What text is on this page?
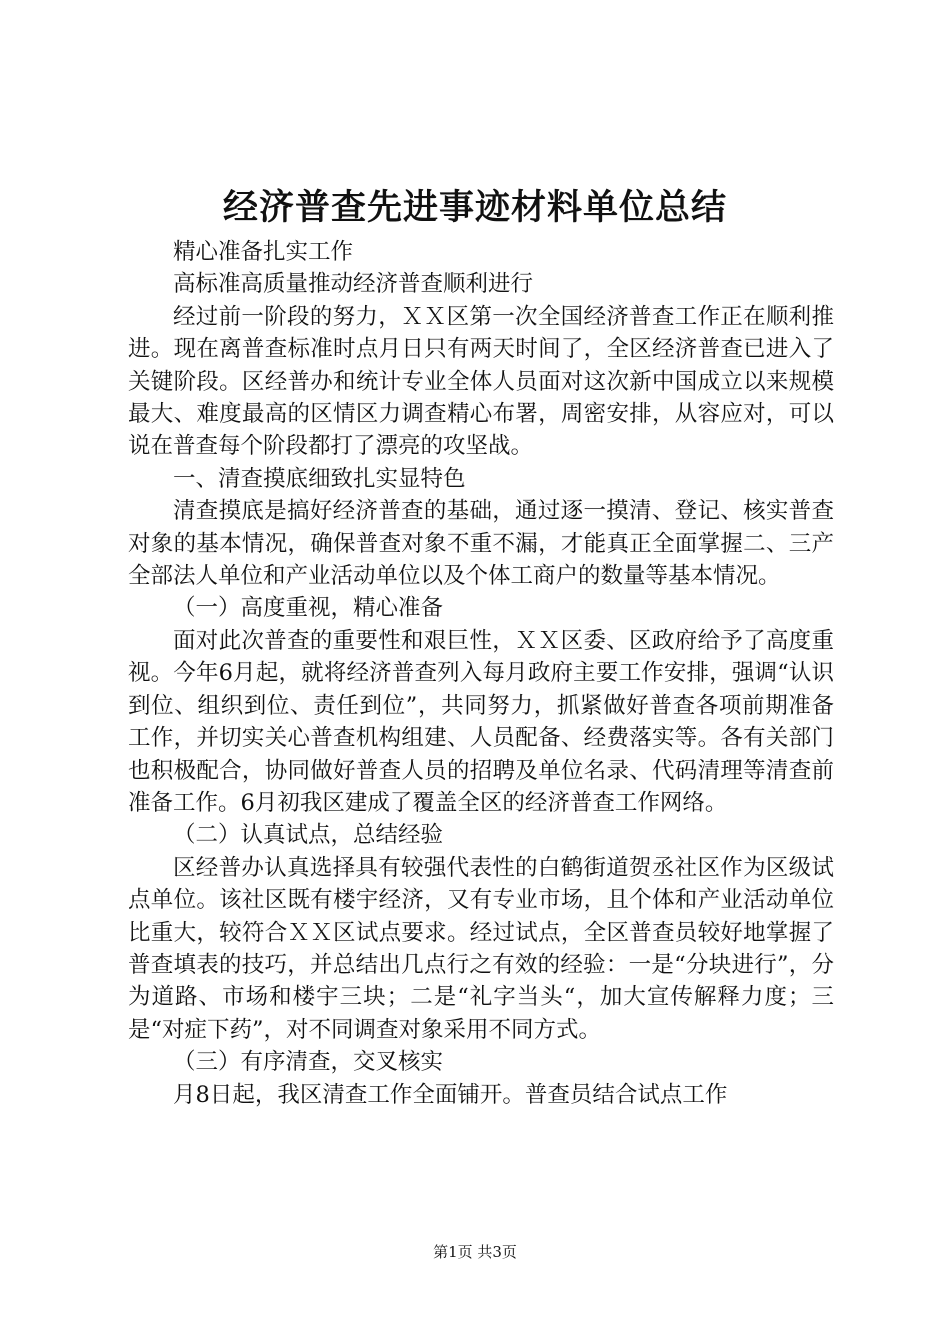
经济普查先进事迹材料单位总结

精心准备扎实工作

高标准高质量推动经济普查顺利进行

经过前一阶段的努力，ＸＸ区第一次全国经济普查工作正在顺利推进。现在离普查标准时点月日只有两天时间了，全区经济普查已进入了关键阶段。区经普办和统计专业全体人员面对这次新中国成立以来规模最大、难度最高的区情区力调查精心布署，周密安排，从容应对，可以说在普查每个阶段都打了漂亮的攻坚战。

一、清查摸底细致扎实显特色

清查摸底是搞好经济普查的基础，通过逐一摸清、登记、核实普查对象的基本情况，确保普查对象不重不漏，才能真正全面掌握二、三产全部法人单位和产业活动单位以及个体工商户的数量等基本情况。

（一）高度重视，精心准备

面对此次普查的重要性和艰巨性，ＸＸ区委、区政府给予了高度重视。今年6月起，就将经济普查列入每月政府主要工作安排，强调“认识到位、组织到位、责任到位”，共同努力，抓紧做好普查各项前期准备工作，并切实关心普查机构组建、人员配备、经费落实等。各有关部门也积极配合，协同做好普查人员的招聘及单位名录、代码清理等清查前准备工作。6月初我区建成了覆盖全区的经济普查工作网络。

（二）认真试点，总结经验

区经普办认真选择具有较强代表性的白鹤街道贺丞社区作为区级试点单位。该社区既有楼宇经济，又有专业市场，且个体和产业活动单位比重大，较符合ＸＸ区试点要求。经过试点，全区普查员较好地掌握了普查填表的技巧，并总结出几点行之有效的经验：一是“分块进行”，分为道路、市场和楼宇三块；二是“礼字当头“，加大宣传解释力度；三是“对症下药”，对不同调查对象采用不同方式。

（三）有序清查，交叉核实

月8日起，我区清查工作全面铺开。普查员结合试点工作

第1页 共3页
